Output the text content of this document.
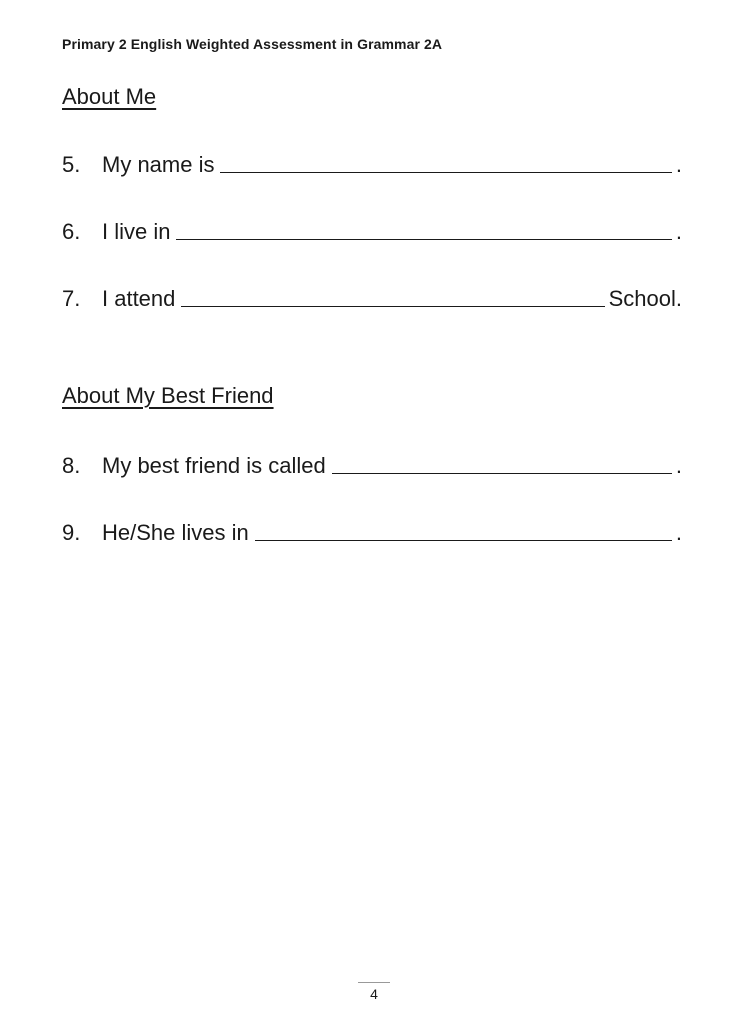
Primary 2 English Weighted Assessment in Grammar 2A
About Me
5. My name is	.
6. I live in	.
7. I attend	School.
About My Best Friend
8. My best friend is called	.
9. He/She lives in	.
4
